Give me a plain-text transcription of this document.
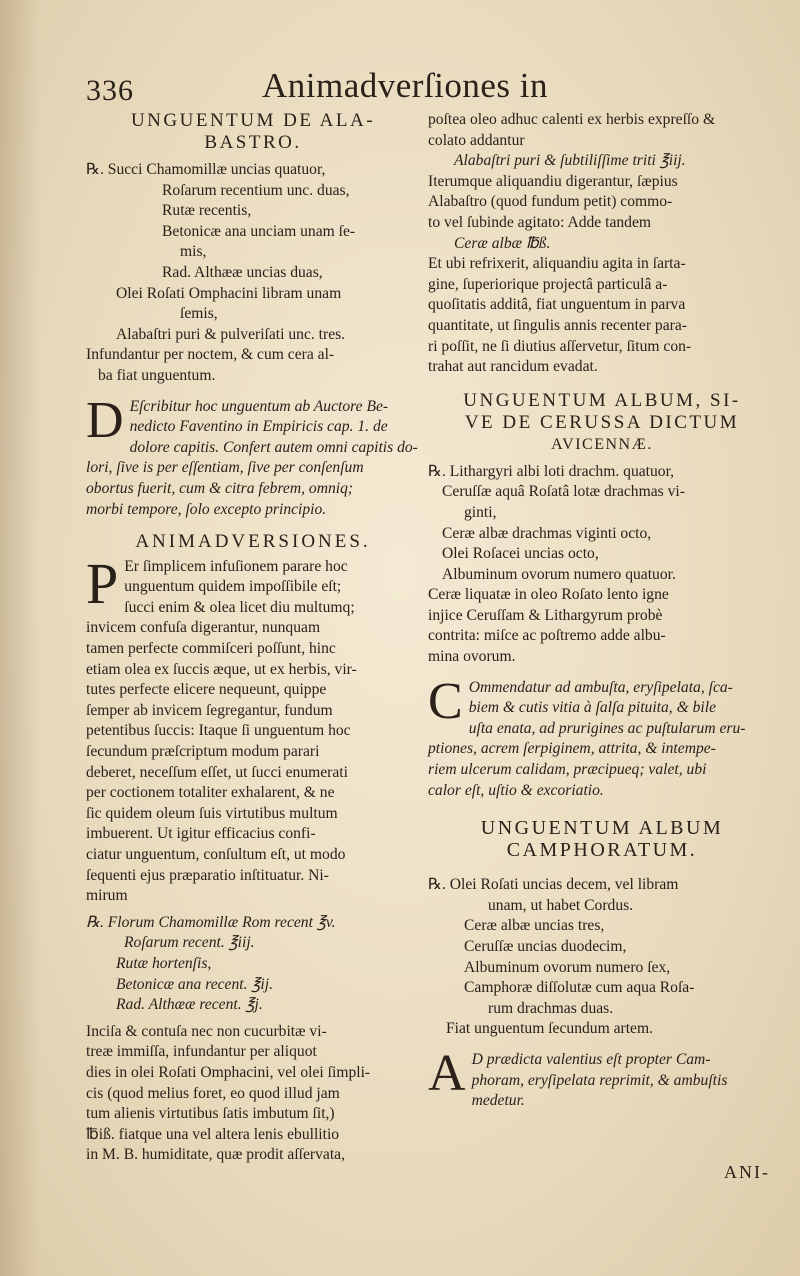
336	Animadverſiones in
UNGUENTUM DE ALA-
BASTRO.
℞. Succi Chamomillæ uncias quatuor,
Roſarum recentium unc. duas,
Rutæ recentis,
Betonicæ ana unciam unam ſe-
mis,
Rad. Althææ uncias duas,
Olei Roſati Omphacini libram unam
ſemis,
Alabaſtri puri & pulveriſati unc. tres.
Infundantur per noctem, & cum cera al-
ba fiat unguentum.
D Eſcribitur hoc unguentum ab Auctore Be-
nedicto Faventino in Empiricis cap. 1. de
dolore capitis. Confert autem omni capitis do-
lori, ſive is per eſſentiam, ſive per conſenſum
obortus fuerit, cum & citra febrem, omniq;
morbi tempore, ſolo excepto principio.
ANIMADVERSIONES.
P Er ſimplicem infuſionem parare hoc
unguentum quidem impoſſibile eſt;
ſucci enim & olea licet diu multumq;
invicem confuſa digerantur, nunquam
tamen perfecte commiſceri poſſunt, hinc
etiam olea ex ſuccis æque, ut ex herbis, vir-
tutes perfecte elicere nequeunt, quippe
ſemper ab invicem ſegregantur, fundum
petentibus ſuccis: Itaque ſi unguentum hoc
ſecundum præſcriptum modum parari
deberet, neceſſum eſſet, ut ſucci enumerati
per coctionem totaliter exhalarent, & ne
ſic quidem oleum ſuis virtutibus multum
imbuerent. Ut igitur efficacius confi-
ciatur unguentum, conſultum eſt, ut modo
ſequenti ejus præparatio inſtituatur. Ni-
mirum
℞. Florum Chamomillæ Rom recent ℥v.
Roſarum recent. ℥iij.
Rutæ hortenſis,
Betonicæ ana recent. ℥ij.
Rad. Althææ recent. ℥j.
Inciſa & contuſa nec non cucurbitæ vi-
treæ immiſſa, infundantur per aliquot
dies in olei Roſati Omphacini, vel olei ſimpli-
cis (quod melius foret, eo quod illud jam
tum alienis virtutibus ſatis imbutum ſit,)
℔iß. fiatque una vel altera lenis ebullitio
in M. B. humiditate, quæ prodit aſſervata,
poſtea oleo adhuc calenti ex herbis expreſſo &
colato addantur
Alabaſtri puri & ſubtiliſſime triti ℥iij.
Iterumque aliquandiu digerantur, ſæpius
Alabaſtro (quod fundum petit) commo-
to vel ſubinde agitato: Adde tandem
Ceræ albæ ℔ß.
Et ubi refrixerit, aliquandiu agita in ſarta-
gine, ſuperiorique projectâ particulâ a-
quoſitatis additâ, fiat unguentum in parva
quantitate, ut ſingulis annis recenter para-
ri poſſit, ne ſi diutius aſſervetur, ſitum con-
trahat aut rancidum evadat.
UNGUENTUM ALBUM, SI-
VE DE CERUSSA DICTUM
AVICENNÆ.
℞. Lithargyri albi loti drachm. quatuor,
Ceruſſæ aquâ Roſatâ lotæ drachmas vi-
ginti,
Ceræ albæ drachmas viginti octo,
Olei Roſacei uncias octo,
Albuminum ovorum numero quatuor.
Ceræ liquatæ in oleo Roſato lento igne
injice Ceruſſam & Lithargyrum probè
contrita: miſce ac poſtremo adde albu-
mina ovorum.
C Ommendatur ad ambuſta, eryſipelata, ſca-
biem & cutis vitia à ſalſa pituita, & bile
uſta enata, ad prurigines ac puſtularum eru-
ptiones, acrem ſerpiginem, attrita, & intempe-
riem ulcerum calidam, præcipueq; valet, ubi
calor eſt, uſtio & excoriatio.
UNGUENTUM ALBUM
CAMPHORATUM.
℞. Olei Roſati uncias decem, vel libram
unam, ut habet Cordus.
Ceræ albæ uncias tres,
Ceruſſæ uncias duodecim,
Albuminum ovorum numero ſex,
Camphoræ diſſolutæ cum aqua Roſa-
rum drachmas duas.
Fiat unguentum ſecundum artem.
A D prædicta valentius eſt propter Cam-
phoram, eryſipelata reprimit, & ambuſtis
medetur.
ANI-
